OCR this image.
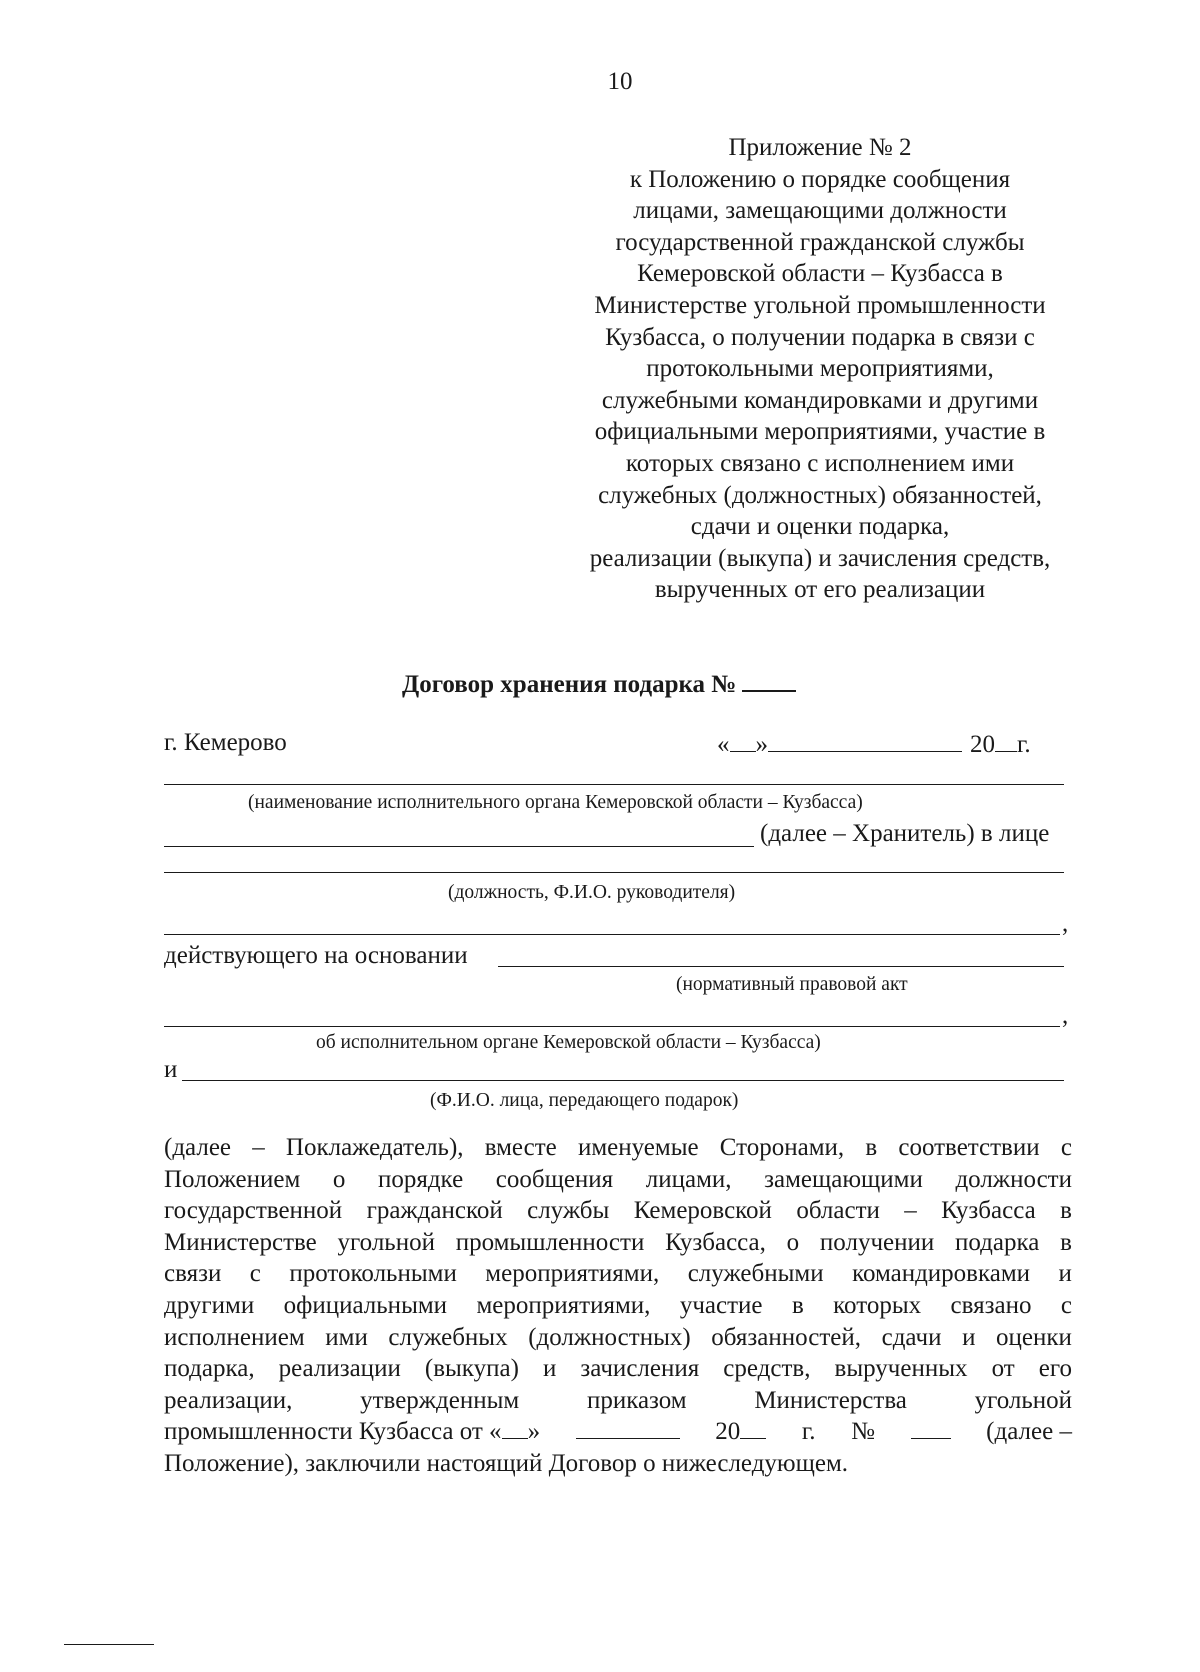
10
Приложение № 2
к Положению о порядке сообщения
лицами, замещающими должности
государственной гражданской службы
Кемеровской области – Кузбасса в
Министерстве угольной промышленности
Кузбасса, о получении подарка в связи с
протокольными мероприятиями,
служебными командировками и другими
официальными мероприятиями, участие в
которых связано с исполнением ими
служебных (должностных) обязанностей,
сдачи и оценки подарка,
реализации (выкупа) и зачисления средств,
вырученных от его реализации
Договор хранения подарка №
г. Кемерово	« »	20 г.
(наименование исполнительного органа Кемеровской области – Кузбасса)
(далее – Хранитель) в лице
(должность, Ф.И.О. руководителя)
,
действующего на основании
(нормативный правовой акт
,
об исполнительном органе Кемеровской области – Кузбасса)
и
(Ф.И.О. лица, передающего подарок)
(далее – Поклажедатель), вместе именуемые Сторонами, в соответствии с
Положением о порядке сообщения лицами, замещающими должности
государственной гражданской службы Кемеровской области – Кузбасса в
Министерстве угольной промышленности Кузбасса, о получении подарка в
связи с протокольными мероприятиями, служебными командировками и
другими официальными мероприятиями, участие в которых связано с
исполнением ими служебных (должностных) обязанностей, сдачи и оценки
подарка, реализации (выкупа) и зачисления средств, вырученных от его
реализации,	утвержденным	приказом	Министерства	угольной
промышленности Кузбасса от « »	20	г. №	(далее –
Положение), заключили настоящий Договор о нижеследующем.
